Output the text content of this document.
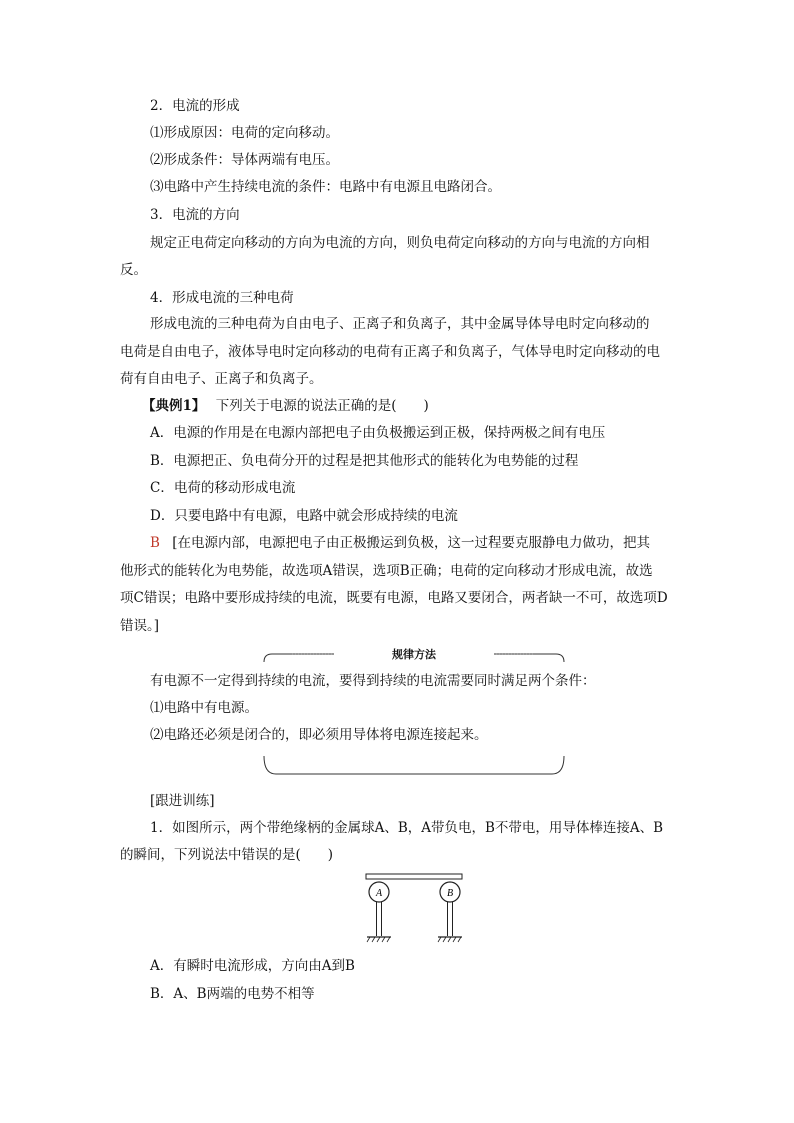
2．电流的形成
⑴形成原因：电荷的定向移动。
⑵形成条件：导体两端有电压。
⑶电路中产生持续电流的条件：电路中有电源且电路闭合。
3．电流的方向
规定正电荷定向移动的方向为电流的方向，则负电荷定向移动的方向与电流的方向相
反。
4．形成电流的三种电荷
形成电流的三种电荷为自由电子、正离子和负离子，其中金属导体导电时定向移动的
电荷是自由电子，液体导电时定向移动的电荷有正离子和负离子，气体导电时定向移动的电
荷有自由电子、正离子和负离子。
【典例1】 下列关于电源的说法正确的是(　　)
A．电源的作用是在电源内部把电子由负极搬运到正极，保持两极之间有电压
B．电源把正、负电荷分开的过程是把其他形式的能转化为电势能的过程
C．电荷的移动形成电流
D．只要电路中有电源，电路中就会形成持续的电流
B [在电源内部，电源把电子由正极搬运到负极，这一过程要克服静电力做功，把其
他形式的能转化为电势能，故选项A错误，选项B正确；电荷的定向移动才形成电流，故选
项C错误；电路中要形成持续的电流，既要有电源，电路又要闭合，两者缺一不可，故选项D
错误。]
规律方法
有电源不一定得到持续的电流，要得到持续的电流需要同时满足两个条件：
⑴电路中有电源。
⑵电路还必须是闭合的，即必须用导体将电源连接起来。
[跟进训练]
1．如图所示，两个带绝缘柄的金属球A、B，A带负电，B不带电，用导体棒连接A、B
的瞬间，下列说法中错误的是(　　)
A	B
A．有瞬时电流形成，方向由A到B
B．A、B两端的电势不相等
